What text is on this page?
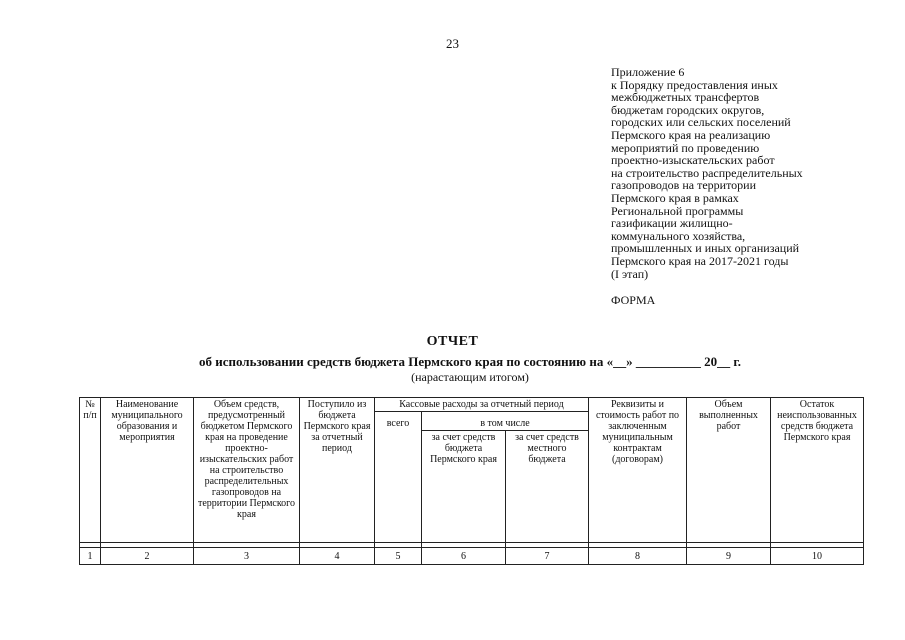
23
Приложение 6
к Порядку предоставления иных
межбюджетных трансфертов
бюджетам городских округов,
городских или сельских поселений
Пермского края на реализацию
мероприятий по проведению
проектно-изыскательских работ
на строительство распределительных
газопроводов на территории
Пермского края в рамках
Региональной программы
газификации жилищно-
коммунального хозяйства,
промышленных и иных организаций
Пермского края на 2017-2021 годы
(I этап)
ФОРМА
ОТЧЕТ
об использовании средств бюджета Пермского края по состоянию на «__» __________ 20__ г.
(нарастающим итогом)
№ п/п	Наименование муниципального образования и мероприятия	Объем средств, предусмотренный бюджетом Пермского края на проведение проектно-изыскательских работ на строительство распределительных газопроводов на территории Пермского края	Поступило из бюджета Пермского края за отчетный период	Кассовые расходы за отчетный период			Реквизиты и стоимость работ по заключенным муниципальным контрактам (договорам)	Объем выполненных работ	Остаток неиспользованных средств бюджета Пермского края
				всего	в том числе				
					за счет средств бюджета Пермского края	за счет средств местного бюджета			

1	2	3	4	5	6	7	8	9	10
